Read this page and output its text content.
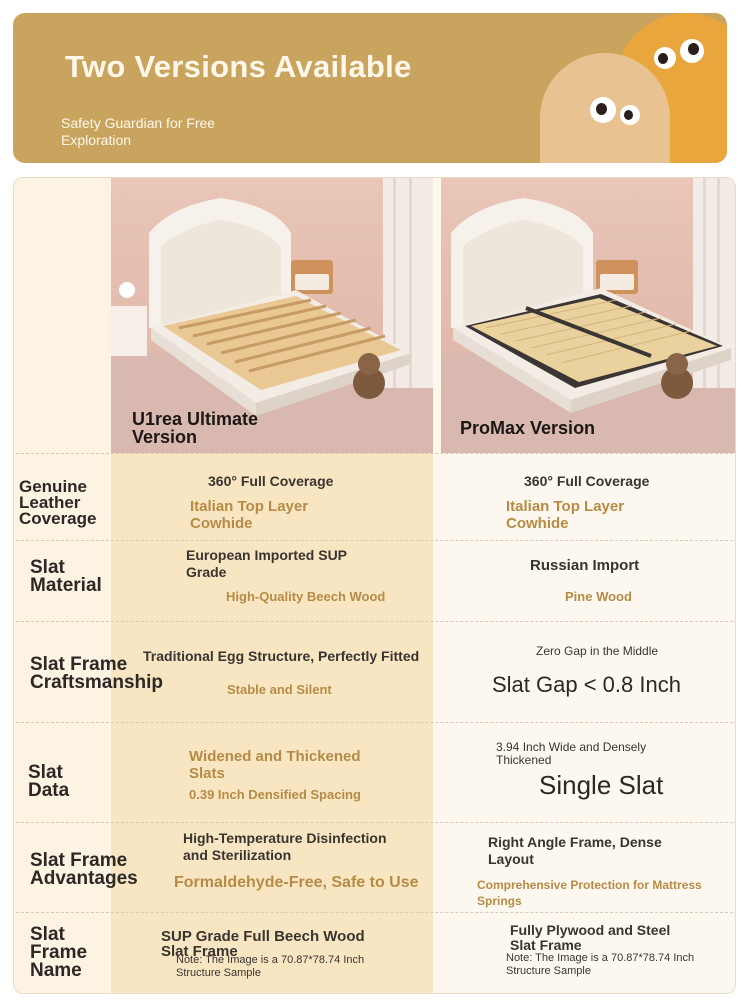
Two Versions Available
Safety Guardian for Free Exploration
U1rea Ultimate Version	ProMax Version
Genuine Leather Coverage
360° Full Coverage
Italian Top Layer Cowhide
360° Full Coverage
Italian Top Layer Cowhide
Slat Material
European Imported SUP Grade
High-Quality Beech Wood
Russian Import
Pine Wood
Slat Frame Craftsmanship
Traditional Egg Structure, Perfectly Fitted
Stable and Silent
Zero Gap in the Middle
Slat Gap < 0.8 Inch
Slat Data
Widened and Thickened Slats
0.39 Inch Densified Spacing
3.94 Inch Wide and Densely Thickened
Single Slat
Slat Frame Advantages
High-Temperature Disinfection and Sterilization
Formaldehyde-Free, Safe to Use
Right Angle Frame, Dense Layout
Comprehensive Protection for Mattress Springs
Slat Frame Name
SUP Grade Full Beech Wood Slat Frame
Note: The Image is a 70.87*78.74 Inch Structure Sample
Fully Plywood and Steel Slat Frame
Note: The Image is a 70.87*78.74 Inch Structure Sample
